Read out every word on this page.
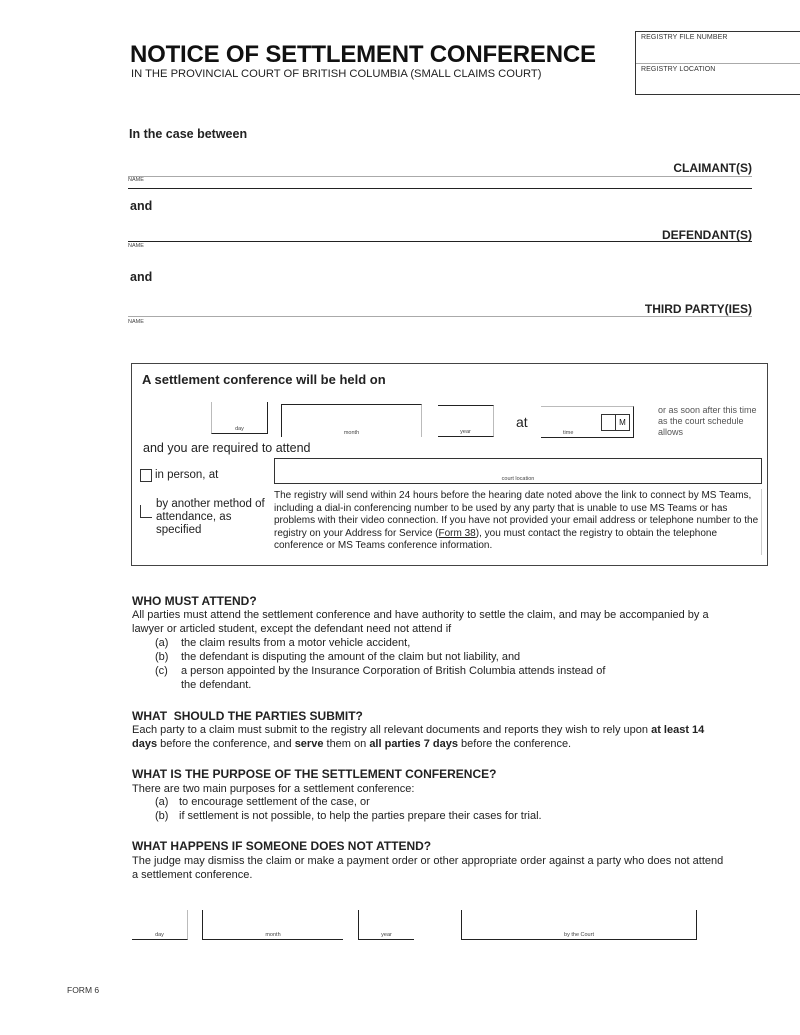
NOTICE OF SETTLEMENT CONFERENCE
IN THE PROVINCIAL COURT OF BRITISH COLUMBIA (SMALL CLAIMS COURT)
REGISTRY FILE NUMBER
REGISTRY LOCATION
In the case between
CLAIMANT(S)
NAME
and
DEFENDANT(S)
NAME
and
THIRD PARTY(IES)
NAME
A settlement conference will be held on
day
month	year
at
time
M
or as soon after this time as the court schedule allows
and you are required to attend
in person, at	court location
by another method of attendance, as specified
The registry will send within 24 hours before the hearing date noted above the link to connect by MS Teams, including a dial-in conferencing number to be used by any party that is unable to use MS Teams or has problems with their video connection. If you have not provided your email address or telephone number to the registry on your Address for Service (Form 38), you must contact the registry to obtain the telephone conference or MS Teams conference information.
WHO MUST ATTEND?
All parties must attend the settlement conference and have authority to settle the claim, and may be accompanied by a lawyer or articled student, except the defendant need not attend if
(a) the claim results from a motor vehicle accident,
(b) the defendant is disputing the amount of the claim but not liability, and
(c) a person appointed by the Insurance Corporation of British Columbia attends instead of
the defendant.
WHAT  SHOULD THE PARTIES SUBMIT?
Each party to a claim must submit to the registry all relevant documents and reports they wish to rely upon at least 14 days before the conference, and serve them on all parties 7 days before the conference.
WHAT IS THE PURPOSE OF THE SETTLEMENT CONFERENCE?
There are two main purposes for a settlement conference:
(a) to encourage settlement of the case, or
(b) if settlement is not possible, to help the parties prepare their cases for trial.
WHAT HAPPENS IF SOMEONE DOES NOT ATTEND?
The judge may dismiss the claim or make a payment order or other appropriate order against a party who does not attend a settlement conference.
day	month	year	by the Court
FORM 6
